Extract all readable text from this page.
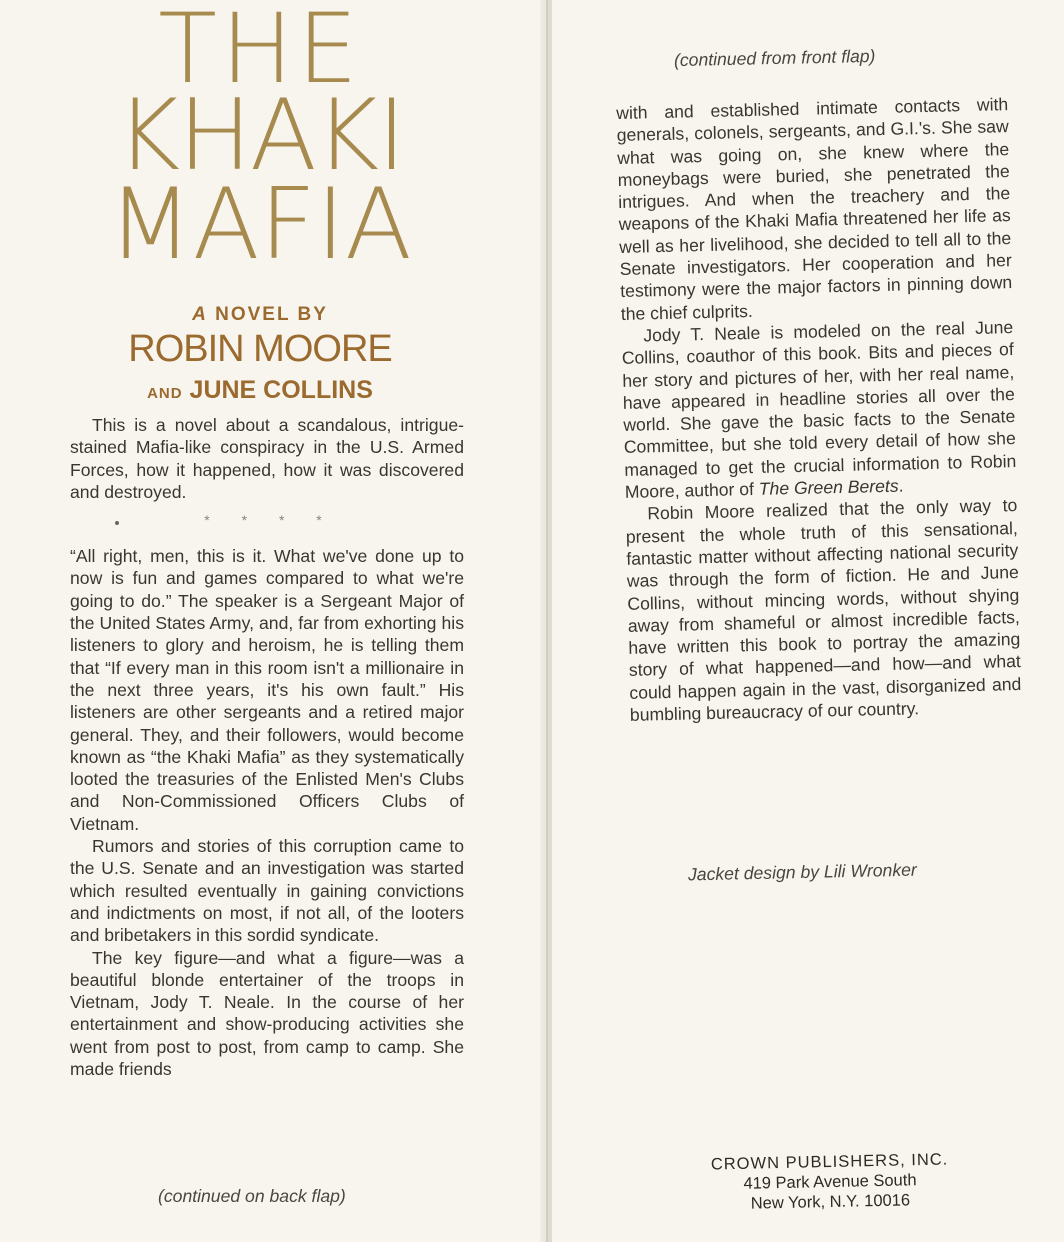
THE
KHAKI
MAFIA
A NOVEL BY
ROBIN MOORE
AND JUNE COLLINS

This is a novel about a scandalous, intrigue-stained Mafia-like conspiracy in the U.S. Armed Forces, how it happened, how it was discovered and destroyed.

“All right, men, this is it. What we've done up to now is fun and games compared to what we're going to do.” The speaker is a Sergeant Major of the United States Army, and, far from exhorting his listeners to glory and heroism, he is telling them that “If every man in this room isn't a millionaire in the next three years, it's his own fault.” His listeners are other sergeants and a retired major general. They, and their followers, would become known as “the Khaki Mafia” as they systematically looted the treasuries of the Enlisted Men's Clubs and Non-Commissioned Officers Clubs of Vietnam.

Rumors and stories of this corruption came to the U.S. Senate and an investigation was started which resulted eventually in gaining convictions and indictments on most, if not all, of the looters and bribetakers in this sordid syndicate.

The key figure—and what a figure—was a beautiful blonde entertainer of the troops in Vietnam, Jody T. Neale. In the course of her entertainment and show-producing activities she went from post to post, from camp to camp. She made friends

* * * *
(continued on back flap)
(continued from front flap)

with and established intimate contacts with generals, colonels, sergeants, and G.I.'s. She saw what was going on, she knew where the moneybags were buried, she penetrated the intrigues. And when the treachery and the weapons of the Khaki Mafia threatened her life as well as her livelihood, she decided to tell all to the Senate investigators. Her cooperation and her testimony were the major factors in pinning down the chief culprits.

Jody T. Neale is modeled on the real June Collins, coauthor of this book. Bits and pieces of her story and pictures of her, with her real name, have appeared in headline stories all over the world. She gave the basic facts to the Senate Committee, but she told every detail of how she managed to get the crucial information to Robin Moore, author of The Green Berets.

Robin Moore realized that the only way to present the whole truth of this sensational, fantastic matter without affecting national security was through the form of fiction. He and June Collins, without mincing words, without shying away from shameful or almost incredible facts, have written this book to portray the amazing story of what happened—and how—and what could happen again in the vast, disorganized and bumbling bureaucracy of our country.

Jacket design by Lili Wronker
CROWN PUBLISHERS, INC.
419 Park Avenue South
New York, N.Y. 10016
